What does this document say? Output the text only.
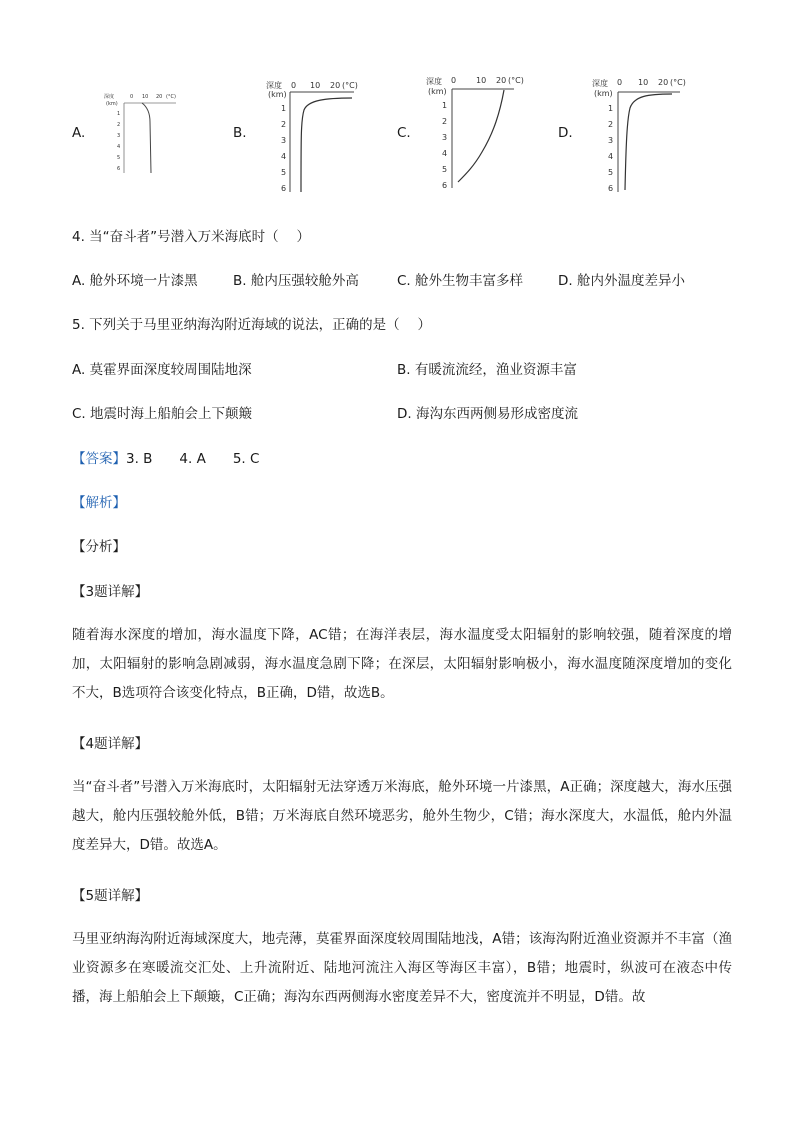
A.
深度	0 10 20 (°C)
(km)
1
2
3
4
5
6
B.
深度 0 10 20 (°C)
(km)
1
2
3
4
5
6
C.
深度 0 10 20 (°C)
(km)
1
2
3
4
5
6
D.
深度 0 10 20 (°C)
(km)
1
2
3
4
5
6
4. 当“奋斗者”号潜入万米海底时（　 ）
A. 舱外环境一片漆黑	B. 舱内压强较舱外高	C. 舱外生物丰富多样	D. 舱内外温度差异小
5. 下列关于马里亚纳海沟附近海域的说法，正确的是（　 ）
A. 莫霍界面深度较周围陆地深	B. 有暖流流经，渔业资源丰富
C. 地震时海上船舶会上下颠簸	D. 海沟东西两侧易形成密度流
【答案】3. B　　4. A　　5. C
【解析】
【分析】
【3题详解】
随着海水深度的增加，海水温度下降，AC错；在海洋表层，海水温度受太阳辐射的影响较强，随着深度的增加，太阳辐射的影响急剧减弱，海水温度急剧下降；在深层，太阳辐射影响极小，海水温度随深度增加的变化不大，B选项符合该变化特点，B正确，D错，故选B。
【4题详解】
当“奋斗者”号潜入万米海底时，太阳辐射无法穿透万米海底，舱外环境一片漆黑，A正确；深度越大，海水压强越大，舱内压强较舱外低，B错；万米海底自然环境恶劣，舱外生物少，C错；海水深度大，水温低，舱内外温度差异大，D错。故选A。
【5题详解】
马里亚纳海沟附近海域深度大，地壳薄，莫霍界面深度较周围陆地浅，A错；该海沟附近渔业资源并不丰富（渔业资源多在寒暖流交汇处、上升流附近、陆地河流注入海区等海区丰富），B错；地震时，纵波可在液态中传播，海上船舶会上下颠簸，C正确；海沟东西两侧海水密度差异不大，密度流并不明显，D错。故
